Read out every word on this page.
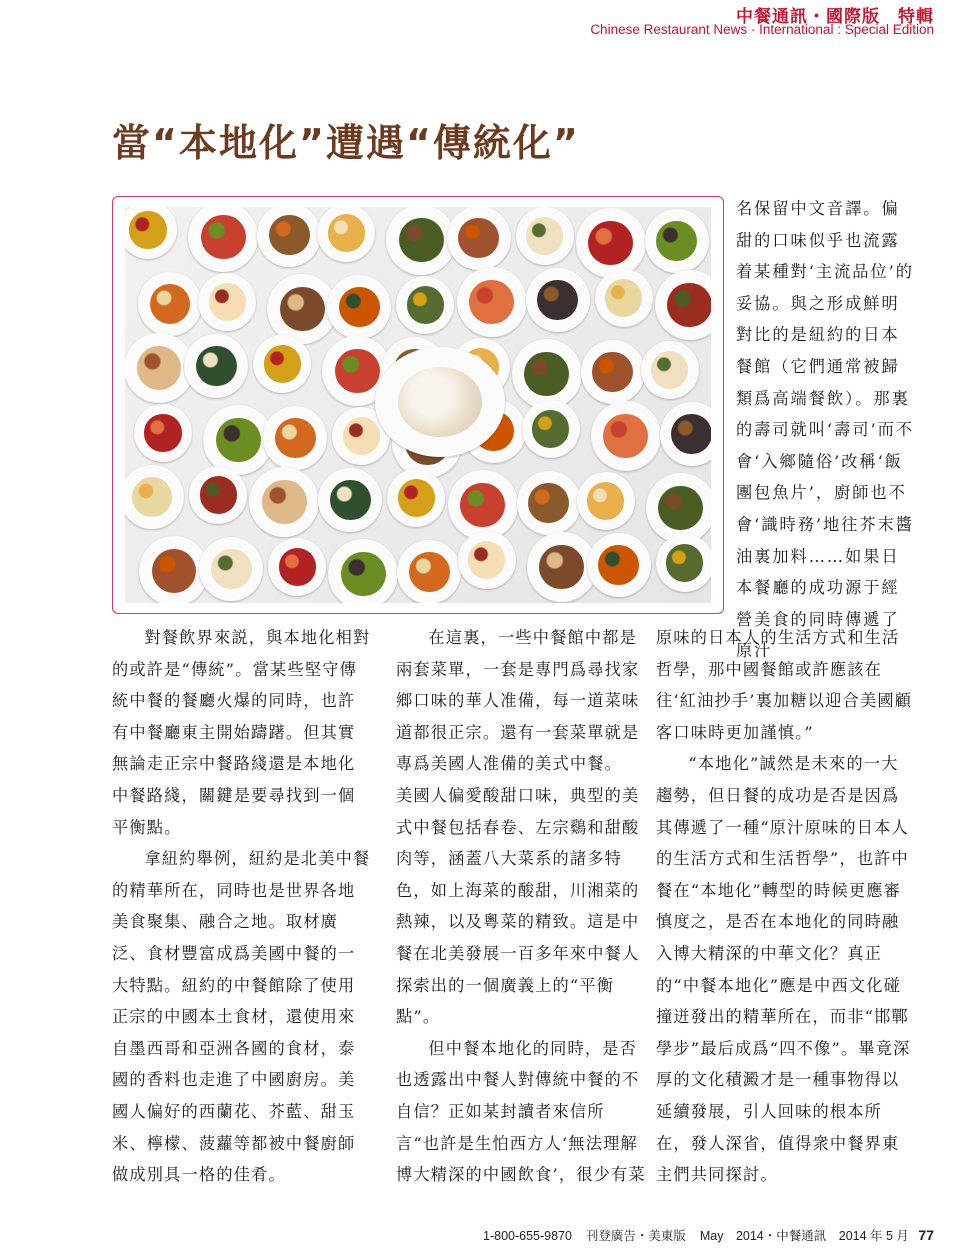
中餐通訊・國際版　特輯
Chinese Restaurant News · International : Special Edition
當“本地化”遭遇“傳統化”

名保留中文音譯。偏甜的口味似乎也流露着某種對‘主流品位’的妥協。與之形成鮮明對比的是紐約的日本餐館（它們通常被歸類爲高端餐飲）。那裏的壽司就叫‘壽司’而不會‘入鄉隨俗’改稱‘飯團包魚片’，廚師也不會‘識時務’地往芥末醬油裏加料……如果日本餐廳的成功源于經營美食的同時傳遞了原汁

對餐飲界來説，與本地化相對的或許是“傳統”。當某些堅守傳統中餐的餐廳火爆的同時，也許有中餐廳東主開始躊躇。但其實無論走正宗中餐路綫還是本地化中餐路綫，關鍵是要尋找到一個平衡點。

拿紐約舉例，紐約是北美中餐的精華所在，同時也是世界各地美食聚集、融合之地。取材廣泛、食材豐富成爲美國中餐的一大特點。紐約的中餐館除了使用正宗的中國本土食材，還使用來自墨西哥和亞洲各國的食材，泰國的香料也走進了中國廚房。美國人偏好的西蘭花、芥藍、甜玉米、檸檬、菠蘿等都被中餐廚師做成別具一格的佳肴。

在這裏，一些中餐館中都是兩套菜單，一套是專門爲尋找家鄉口味的華人准備，每一道菜味道都很正宗。還有一套菜單就是專爲美國人准備的美式中餐。

美國人偏愛酸甜口味，典型的美式中餐包括春卷、左宗鷄和甜酸肉等，涵蓋八大菜系的諸多特色，如上海菜的酸甜，川湘菜的熱辣，以及粵菜的精致。這是中餐在北美發展一百多年來中餐人探索出的一個廣義上的“平衡點”。

但中餐本地化的同時，是否也透露出中餐人對傳統中餐的不自信？正如某封讀者來信所言“也許是生怕西方人‘無法理解博大精深的中國飲食’，很少有菜

原味的日本人的生活方式和生活哲學，那中國餐館或許應該在往‘紅油抄手’裏加糖以迎合美國顧客口味時更加謹慎。”

“本地化”誠然是未來的一大趨勢，但日餐的成功是否是因爲其傳遞了一種“原汁原味的日本人的生活方式和生活哲學”，也許中餐在“本地化”轉型的時候更應審慎度之，是否在本地化的同時融入博大精深的中華文化？真正的“中餐本地化”應是中西文化碰撞迸發出的精華所在，而非“邯鄲學步”最后成爲“四不像”。畢竟深厚的文化積澱才是一種事物得以延續發展，引人回味的根本所在，發人深省，值得衆中餐界東主們共同探討。

1-800-655-9870 刊登廣告・美東版 May　2014・中餐通訊　2014 年 5 月 77
